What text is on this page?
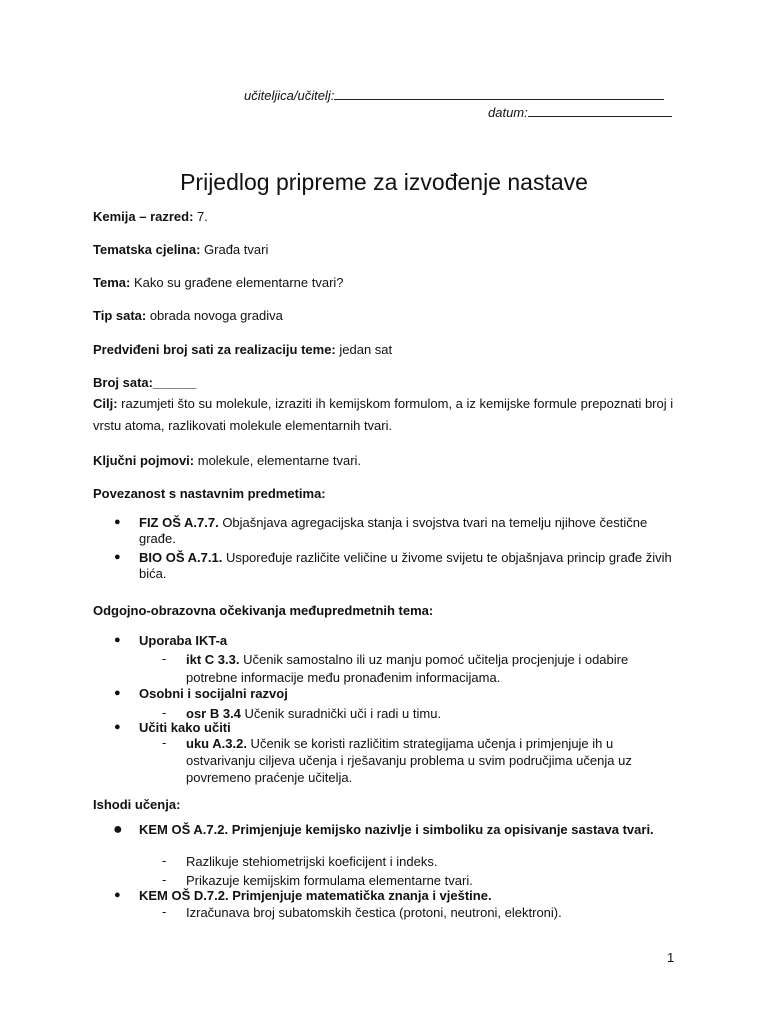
učiteljica/učitelj:
datum:
Prijedlog pripreme za izvođenje nastave
Kemija – razred: 7.
Tematska cjelina: Građa tvari
Tema: Kako su građene elementarne tvari?
Tip sata: obrada novoga gradiva
Predviđeni broj sati za realizaciju teme: jedan sat
Broj sata:______
Cilj: razumjeti što su molekule, izraziti ih kemijskom formulom, a iz kemijske formule prepoznati broj i vrstu atoma, razlikovati molekule elementarnih tvari.
Ključni pojmovi: molekule, elementarne tvari.
Povezanost s nastavnim predmetima:
● FIZ OŠ A.7.7. Objašnjava agregacijska stanja i svojstva tvari na temelju njihove čestične građe.
● BIO OŠ A.7.1. Uspoređuje različite veličine u živome svijetu te objašnjava princip građe živih bića.
Odgojno-obrazovna očekivanja međupredmetnih tema:
● Uporaba IKT-a
- ikt C 3.3. Učenik samostalno ili uz manju pomoć učitelja procjenjuje i odabire potrebne informacije među pronađenim informacijama.
● Osobni i socijalni razvoj
- osr B 3.4 Učenik suradnički uči i radi u timu.
● Učiti kako učiti
- uku A.3.2. Učenik se koristi različitim strategijama učenja i primjenjuje ih u ostvarivanju ciljeva učenja i rješavanju problema u svim područjima učenja uz povremeno praćenje učitelja.
Ishodi učenja:
● KEM OŠ A.7.2. Primjenjuje kemijsko nazivlje i simboliku za opisivanje sastava tvari.
- Razlikuje stehiometrijski koeficijent i indeks.
- Prikazuje kemijskim formulama elementarne tvari.
● KEM OŠ D.7.2. Primjenjuje matematička znanja i vještine.
- Izračunava broj subatomskih čestica (protoni, neutroni, elektroni).
1
